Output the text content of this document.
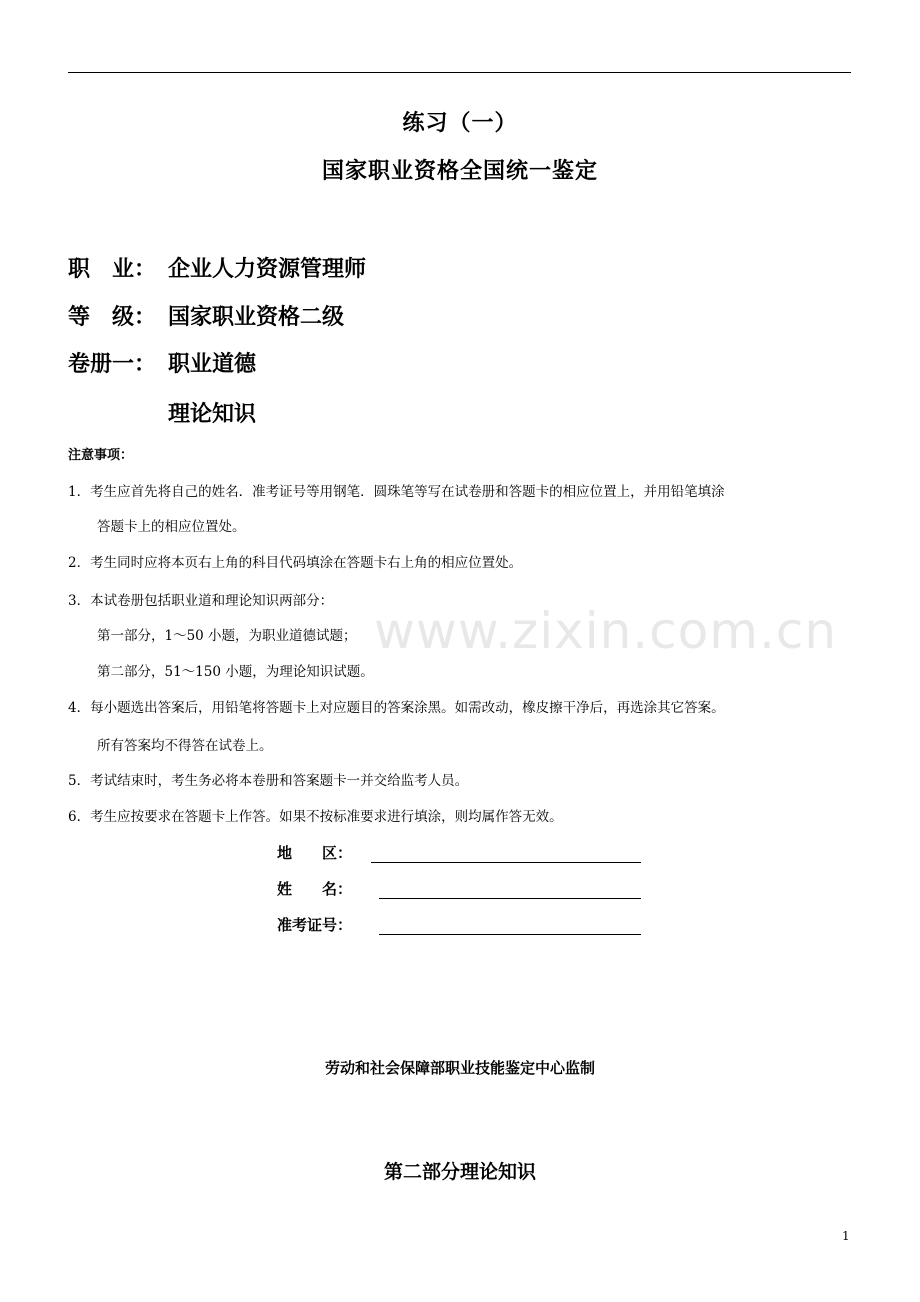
练习（一）
国家职业资格全国统一鉴定
职　业： 企业人力资源管理师
等　级： 国家职业资格二级
卷册一： 职业道德
理论知识
注意事项：
1．考生应首先将自己的姓名．准考证号等用钢笔．圆珠笔等写在试卷册和答题卡的相应位置上，并用铅笔填涂
答题卡上的相应位置处。
2．考生同时应将本页右上角的科目代码填涂在答题卡右上角的相应位置处。
3．本试卷册包括职业道和理论知识两部分：
第一部分，1～50 小题，为职业道德试题；
第二部分，51～150 小题，为理论知识试题。
4．每小题选出答案后，用铅笔将答题卡上对应题目的答案涂黑。如需改动，橡皮擦干净后，再选涂其它答案。
所有答案均不得答在试卷上。
5．考试结束时，考生务必将本卷册和答案题卡一并交给监考人员。
6．考生应按要求在答题卡上作答。如果不按标准要求进行填涂，则均属作答无效。
地　　区：
姓　　名：
准考证号：
劳动和社会保障部职业技能鉴定中心监制
第二部分理论知识
www.zixin.com.cn
1
